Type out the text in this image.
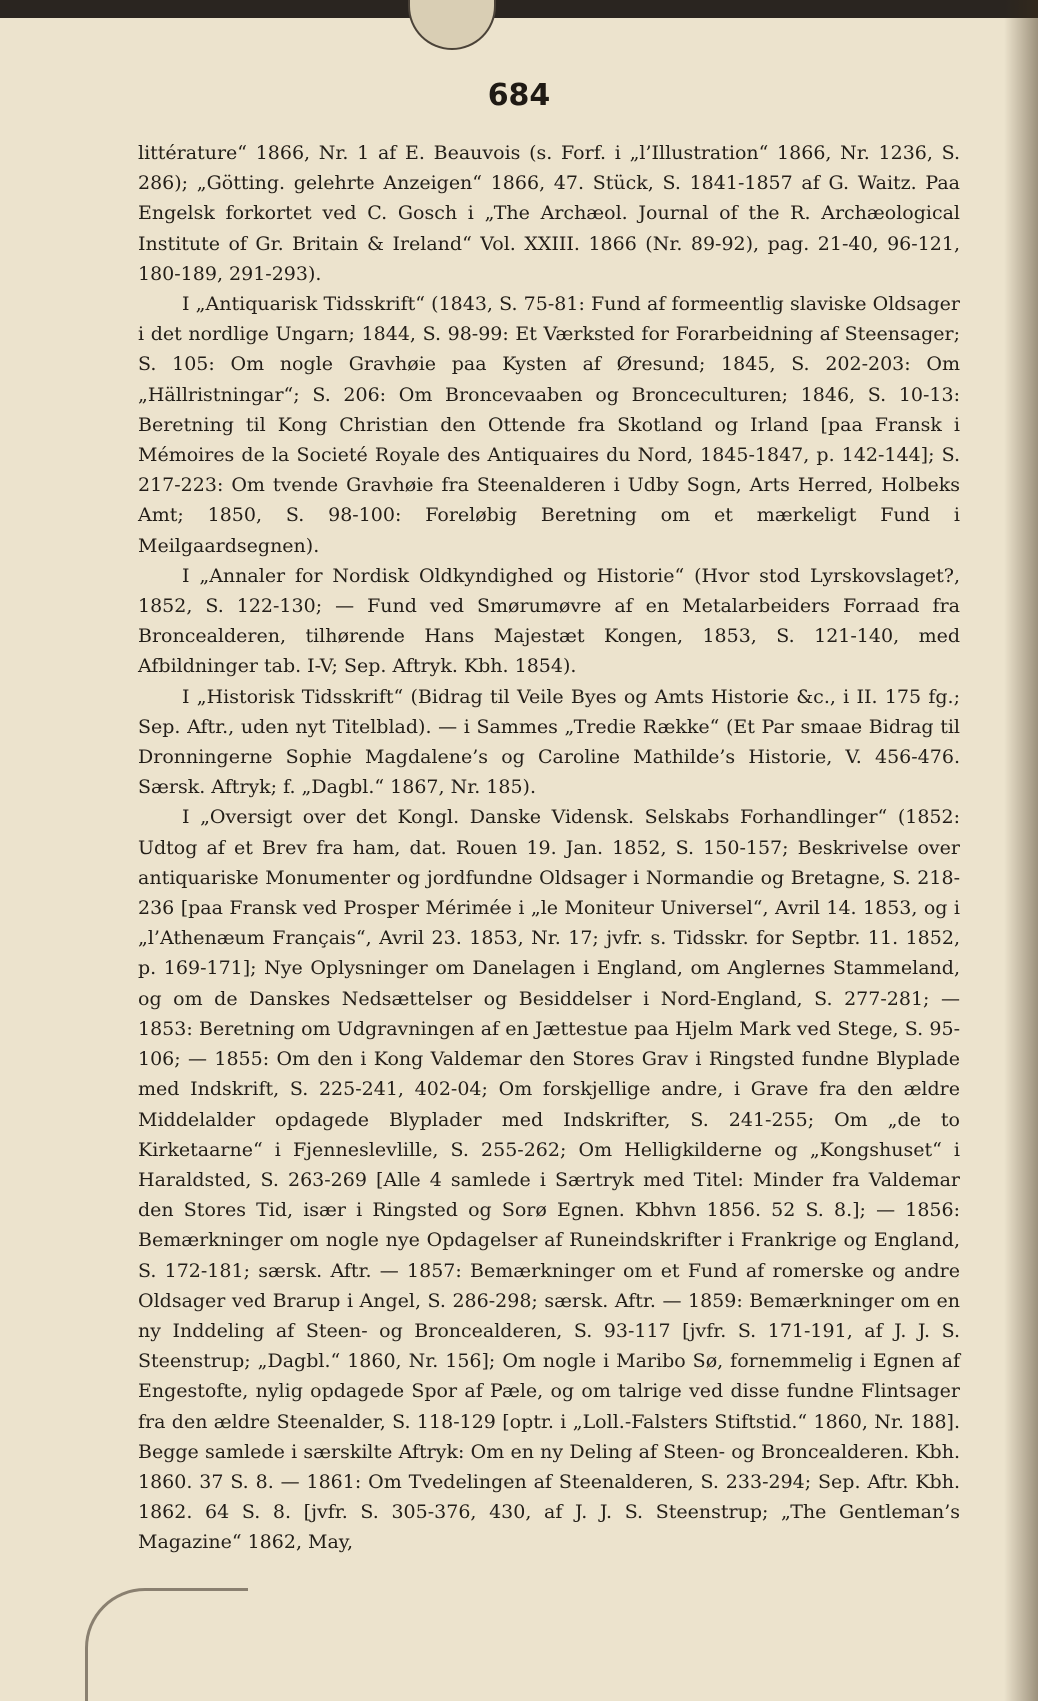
684

littérature“ 1866, Nr. 1 af E. Beauvois (s. Forf. i „l’Illustration“ 1866, Nr. 1236, S. 286); „Götting. gelehrte Anzeigen“ 1866, 47. Stück, S. 1841-1857 af G. Waitz. Paa Engelsk forkortet ved C. Gosch i „The Archæol. Journal of the R. Archæological Institute of Gr. Britain & Ireland“ Vol. XXIII. 1866 (Nr. 89-92), pag. 21-40, 96-121, 180-189, 291-293).

I „Antiquarisk Tidsskrift“ (1843, S. 75-81: Fund af formeentlig slaviske Oldsager i det nordlige Ungarn; 1844, S. 98-99: Et Værksted for Forarbeidning af Steensager; S. 105: Om nogle Gravhøie paa Kysten af Øresund; 1845, S. 202-203: Om „Hällristningar“; S. 206: Om Broncevaaben og Bronceculturen; 1846, S. 10-13: Beretning til Kong Christian den Ottende fra Skotland og Irland [paa Fransk i Mémoires de la Societé Royale des Antiquaires du Nord, 1845-1847, p. 142-144]; S. 217-223: Om tvende Gravhøie fra Steenalderen i Udby Sogn, Arts Herred, Holbeks Amt; 1850, S. 98-100: Foreløbig Beretning om et mærkeligt Fund i Meilgaardsegnen).

I „Annaler for Nordisk Oldkyndighed og Historie“ (Hvor stod Lyrskovslaget?, 1852, S. 122-130; — Fund ved Smørumøvre af en Metalarbeiders Forraad fra Broncealderen, tilhørende Hans Majestæt Kongen, 1853, S. 121-140, med Afbildninger tab. I-V; Sep. Aftryk. Kbh. 1854).

I „Historisk Tidsskrift“ (Bidrag til Veile Byes og Amts Historie &c., i II. 175 fg.; Sep. Aftr., uden nyt Titelblad). — i Sammes „Tredie Række“ (Et Par smaae Bidrag til Dronningerne Sophie Magdalene’s og Caroline Mathilde’s Historie, V. 456-476. Særsk. Aftryk; f. „Dagbl.“ 1867, Nr. 185).

I „Oversigt over det Kongl. Danske Vidensk. Selskabs Forhandlinger“ (1852: Udtog af et Brev fra ham, dat. Rouen 19. Jan. 1852, S. 150-157; Beskrivelse over antiquariske Monumenter og jordfundne Oldsager i Normandie og Bretagne, S. 218-236 [paa Fransk ved Prosper Mérimée i „le Moniteur Universel“, Avril 14. 1853, og i „l’Athenæum Français“, Avril 23. 1853, Nr. 17; jvfr. s. Tidsskr. for Septbr. 11. 1852, p. 169-171]; Nye Oplysninger om Danelagen i England, om Anglernes Stammeland, og om de Danskes Nedsættelser og Besiddelser i Nord-England, S. 277-281; — 1853: Beretning om Udgravningen af en Jættestue paa Hjelm Mark ved Stege, S. 95-106; — 1855: Om den i Kong Valdemar den Stores Grav i Ringsted fundne Blyplade med Indskrift, S. 225-241, 402-04; Om forskjellige andre, i Grave fra den ældre Middelalder opdagede Blyplader med Indskrifter, S. 241-255; Om „de to Kirketaarne“ i Fjenneslevlille, S. 255-262; Om Helligkilderne og „Kongshuset“ i Haraldsted, S. 263-269 [Alle 4 samlede i Særtryk med Titel: Minder fra Valdemar den Stores Tid, især i Ringsted og Sorø Egnen. Kbhvn 1856. 52 S. 8.]; — 1856: Bemærkninger om nogle nye Opdagelser af Runeindskrifter i Frankrige og England, S. 172-181; særsk. Aftr. — 1857: Bemærkninger om et Fund af romerske og andre Oldsager ved Brarup i Angel, S. 286-298; særsk. Aftr. — 1859: Bemærkninger om en ny Inddeling af Steen- og Broncealderen, S. 93-117 [jvfr. S. 171-191, af J. J. S. Steenstrup; „Dagbl.“ 1860, Nr. 156]; Om nogle i Maribo Sø, fornemmelig i Egnen af Engestofte, nylig opdagede Spor af Pæle, og om talrige ved disse fundne Flintsager fra den ældre Steenalder, S. 118-129 [optr. i „Loll.-Falsters Stiftstid.“ 1860, Nr. 188]. Begge samlede i særskilte Aftryk: Om en ny Deling af Steen- og Broncealderen. Kbh. 1860. 37 S. 8. — 1861: Om Tvedelingen af Steenalderen, S. 233-294; Sep. Aftr. Kbh. 1862. 64 S. 8. [jvfr. S. 305-376, 430, af J. J. S. Steenstrup; „The Gentleman’s Magazine“ 1862, May,
